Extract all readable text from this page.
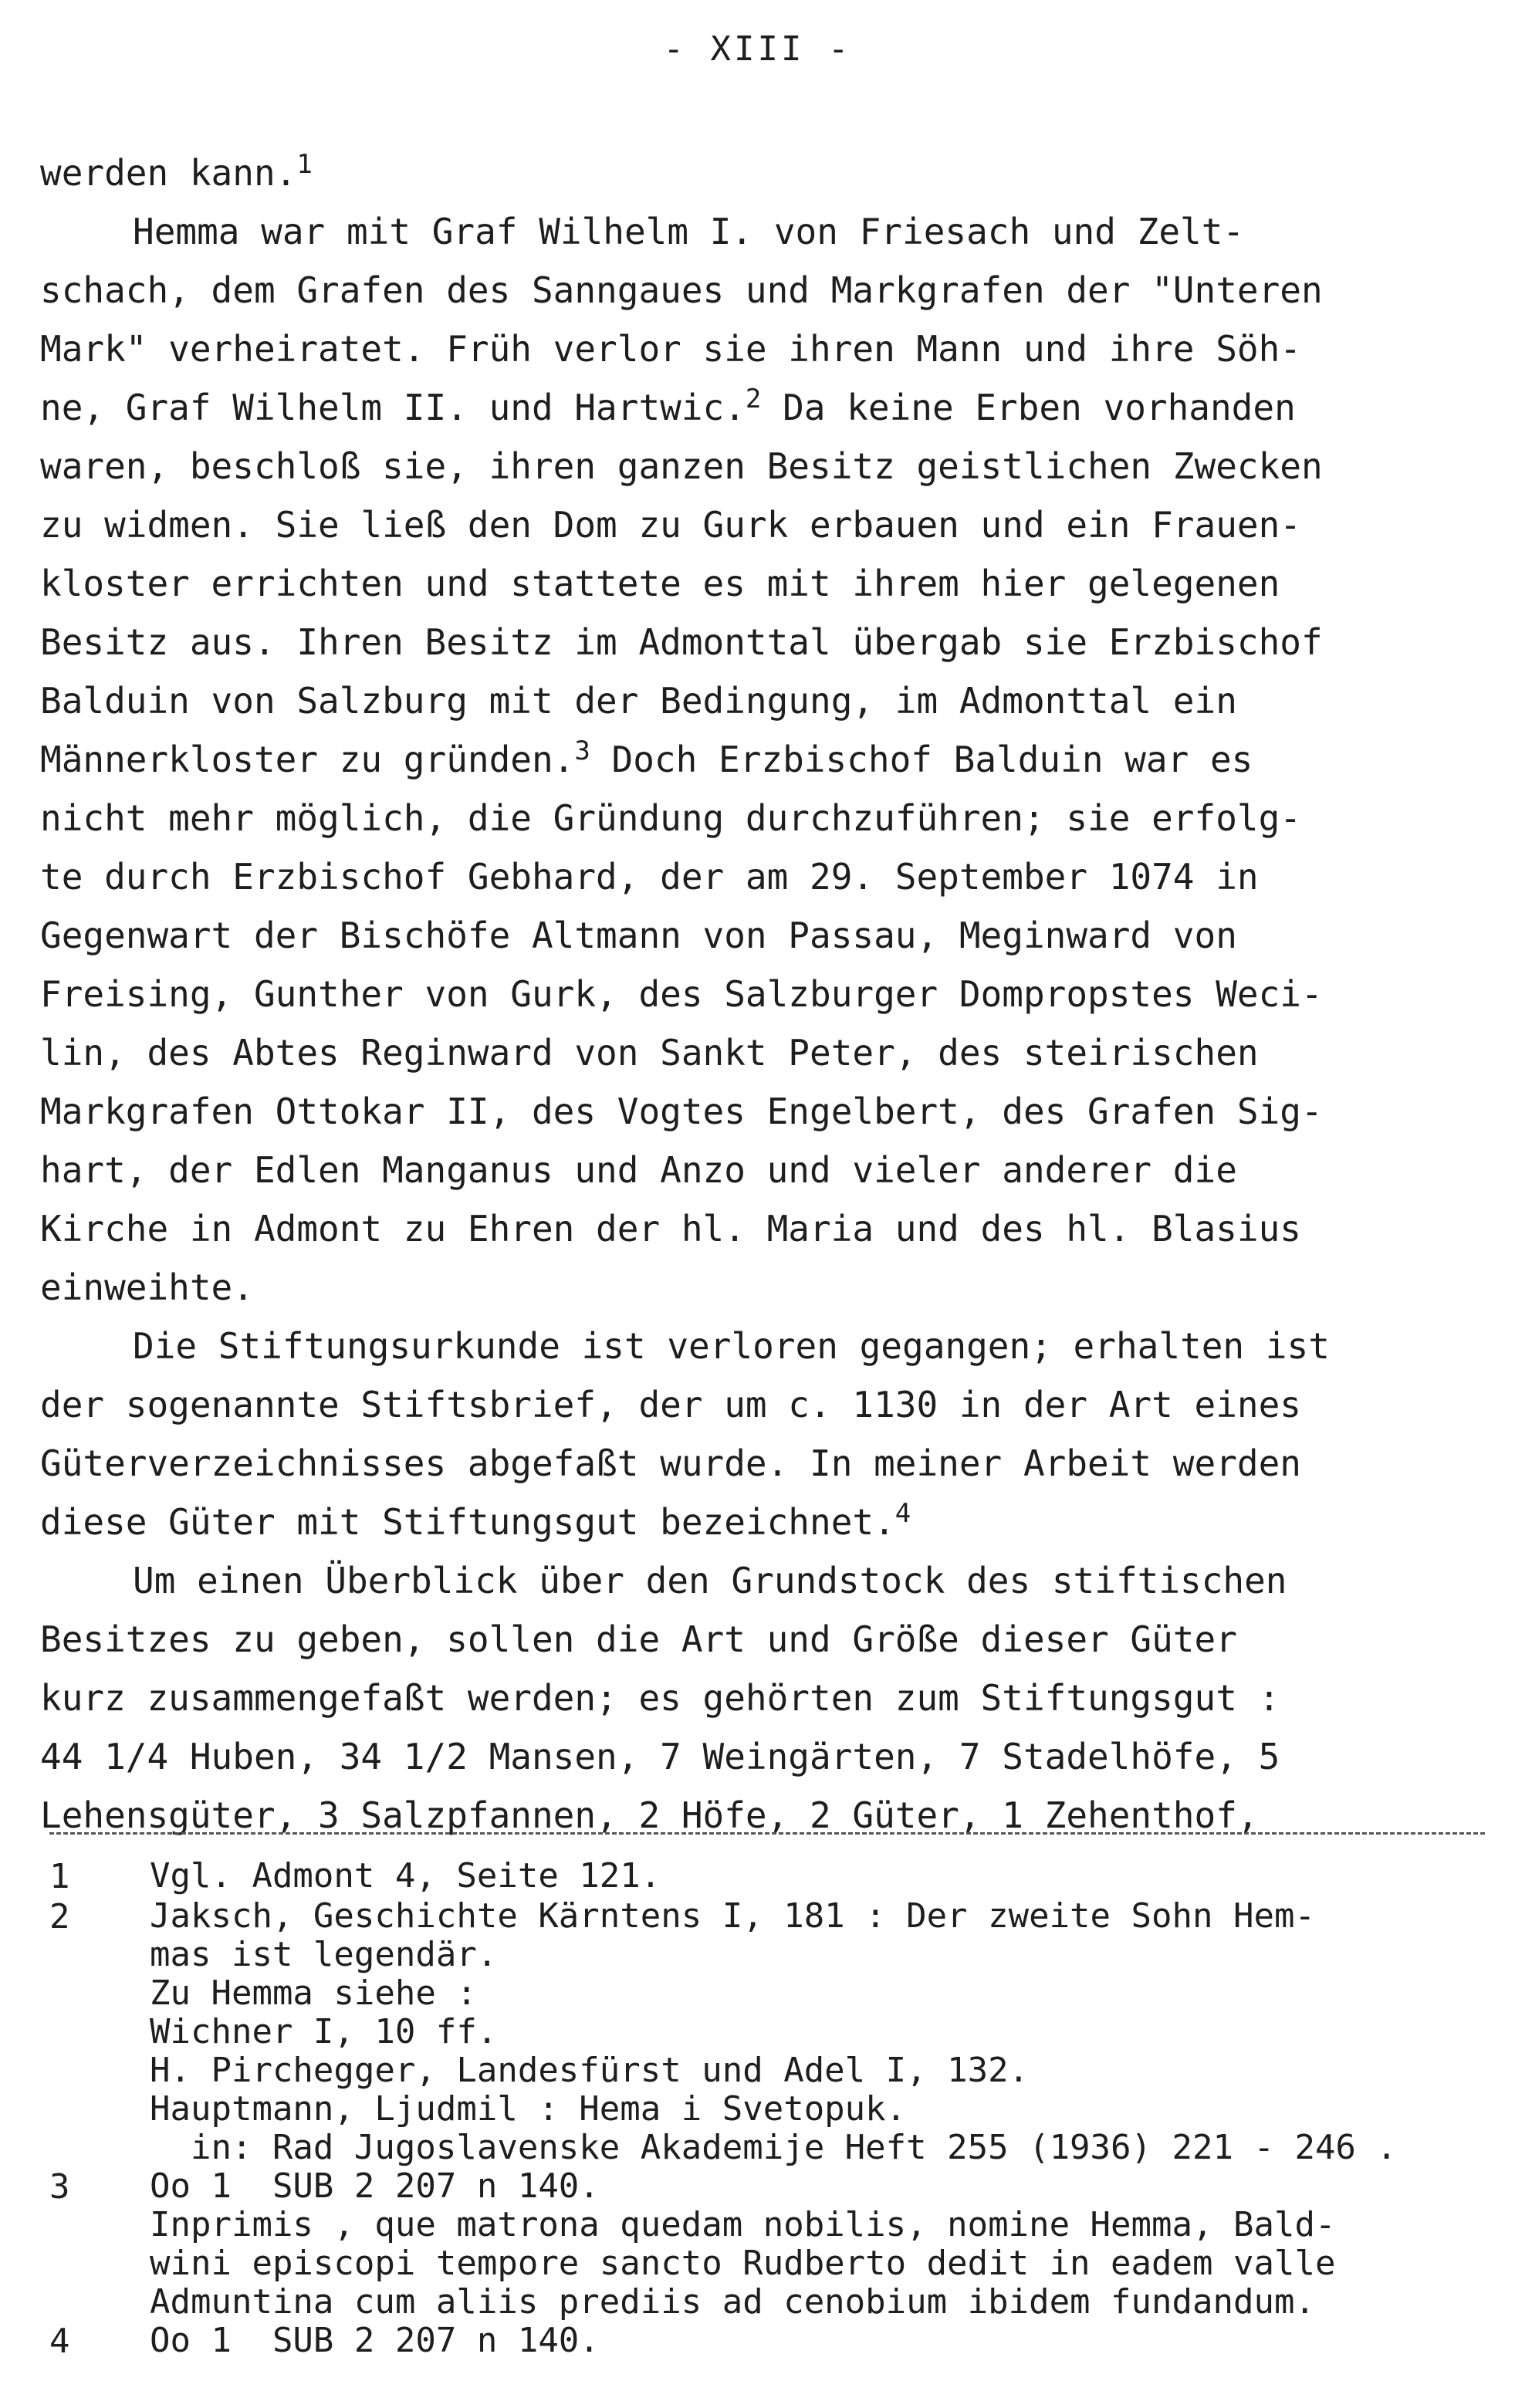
- XIII -
werden kann.$^1$
Hemma war mit Graf Wilhelm I. von Friesach und Zelt-
schach, dem Grafen des Sanngaues und Markgrafen der "Unteren
Mark" verheiratet. Früh verlor sie ihren Mann und ihre Söh-
ne, Graf Wilhelm II. und Hartwic.$^2$ Da keine Erben vorhanden
waren, beschloß sie, ihren ganzen Besitz geistlichen Zwecken
zu widmen. Sie ließ den Dom zu Gurk erbauen und ein Frauen-
kloster errichten und stattete es mit ihrem hier gelegenen
Besitz aus. Ihren Besitz im Admonttal übergab sie Erzbischof
Balduin von Salzburg mit der Bedingung, im Admonttal ein
Männerkloster zu gründen.$^3$ Doch Erzbischof Balduin war es
nicht mehr möglich, die Gründung durchzuführen; sie erfolg-
te durch Erzbischof Gebhard, der am 29. September 1074 in
Gegenwart der Bischöfe Altmann von Passau, Meginward von
Freising, Gunther von Gurk, des Salzburger Dompropstes Weci-
lin, des Abtes Reginward von Sankt Peter, des steirischen
Markgrafen Ottokar II, des Vogtes Engelbert, des Grafen Sig-
hart, der Edlen Manganus und Anzo und vieler anderer die
Kirche in Admont zu Ehren der hl. Maria und des hl. Blasius
einweihte.
Die Stiftungsurkunde ist verloren gegangen; erhalten ist
der sogenannte Stiftsbrief, der um c. 1130 in der Art eines
Güterverzeichnisses abgefaßt wurde. In meiner Arbeit werden
diese Güter mit Stiftungsgut bezeichnet.$^4$
Um einen Überblick über den Grundstock des stiftischen
Besitzes zu geben, sollen die Art und Größe dieser Güter
kurz zusammengefaßt werden; es gehörten zum Stiftungsgut :
44 1/4 Huben, 34 1/2 Mansen, 7 Weingärten, 7 Stadelhöfe, 5
Lehensgüter, 3 Salzpfannen, 2 Höfe, 2 Güter, 1 Zehenthof,
1	Vgl. Admont 4, Seite 121.
2	Jaksch, Geschichte Kärntens I, 181 : Der zweite Sohn Hem-
mas ist legendär.
Zu Hemma siehe :
Wichner I, 10 ff.
H. Pirchegger, Landesfürst und Adel I, 132.
Hauptmann, Ljudmil : Hema i Svetopuk.
in: Rad Jugoslavenske Akademije Heft 255 (1936) 221 - 246 .
3	Oo 1  SUB 2 207 n 140.
Inprimis , que matrona quedam nobilis, nomine Hemma, Bald-
wini episcopi tempore sancto Rudberto dedit in eadem valle
Admuntina cum aliis prediis ad cenobium ibidem fundandum.
4	Oo 1  SUB 2 207 n 140.
